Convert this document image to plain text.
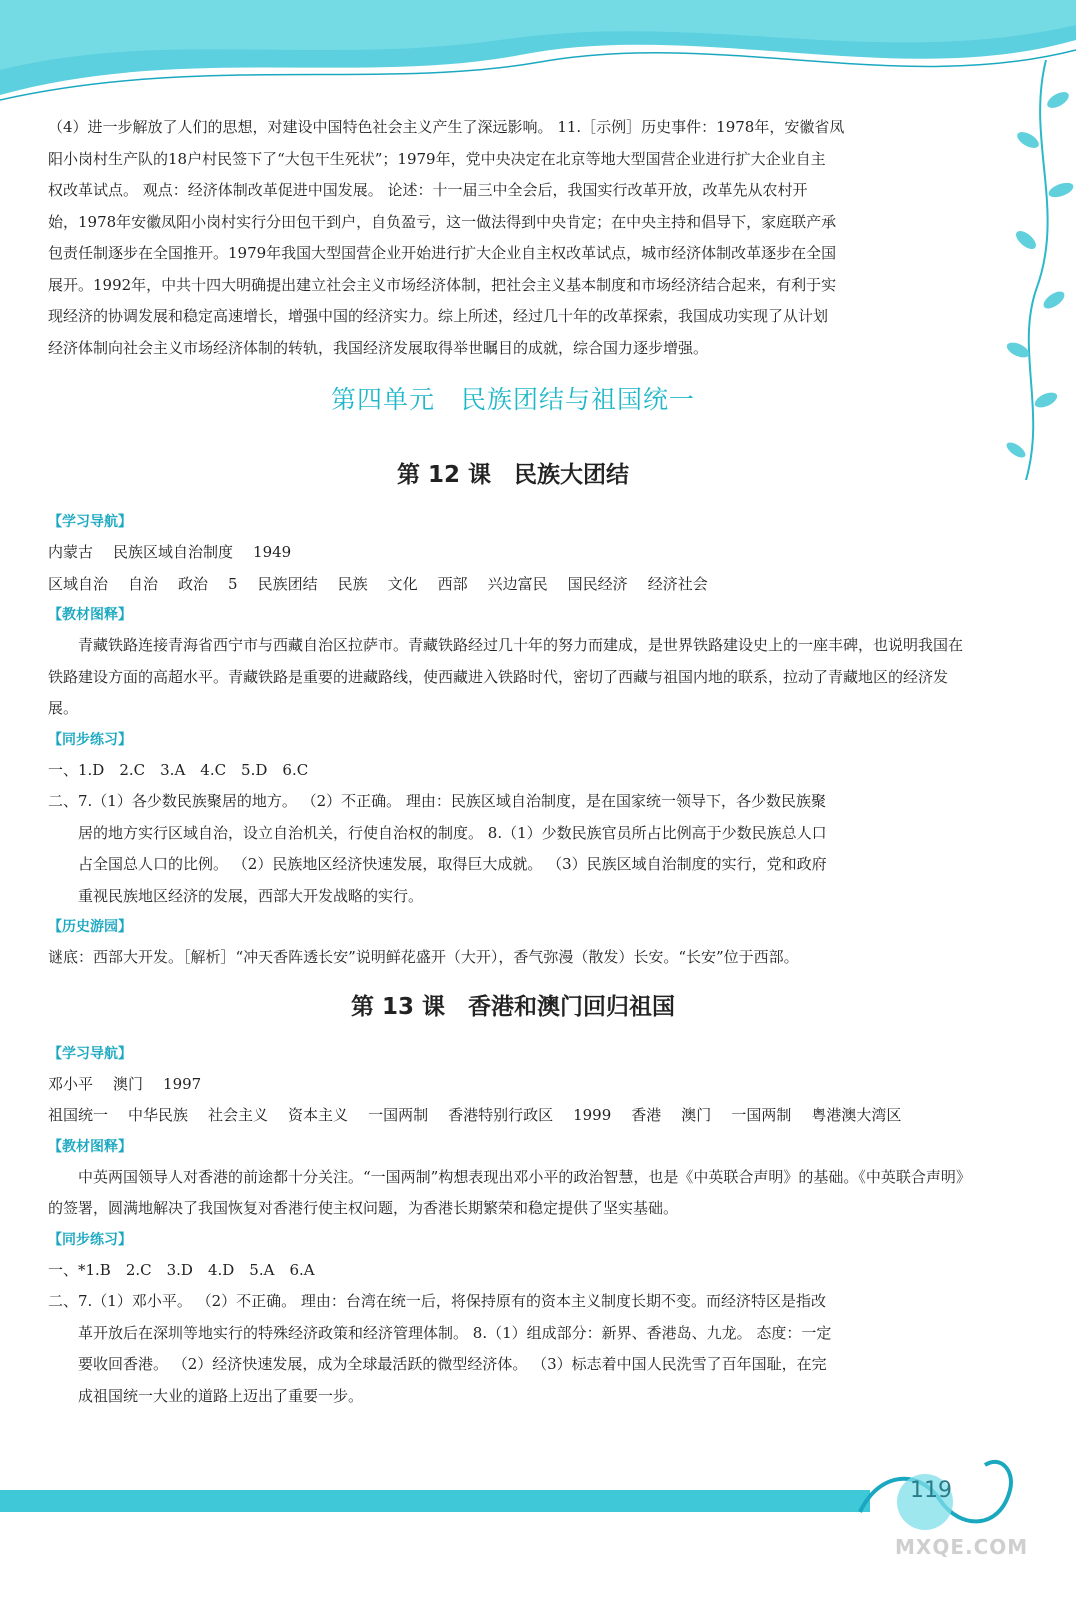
（4）进一步解放了人们的思想，对建设中国特色社会主义产生了深远影响。 11.［示例］历史事件：1978年，安徽省凤

阳小岗村生产队的18户村民签下了“大包干生死状”；1979年，党中央决定在北京等地大型国营企业进行扩大企业自主

权改革试点。 观点：经济体制改革促进中国发展。 论述：十一届三中全会后，我国实行改革开放，改革先从农村开

始，1978年安徽凤阳小岗村实行分田包干到户，自负盈亏，这一做法得到中央肯定；在中央主持和倡导下，家庭联产承

包责任制逐步在全国推开。1979年我国大型国营企业开始进行扩大企业自主权改革试点，城市经济体制改革逐步在全国

展开。1992年，中共十四大明确提出建立社会主义市场经济体制，把社会主义基本制度和市场经济结合起来，有利于实

现经济的协调发展和稳定高速增长，增强中国的经济实力。综上所述，经过几十年的改革探索，我国成功实现了从计划

经济体制向社会主义市场经济体制的转轨，我国经济发展取得举世瞩目的成就，综合国力逐步增强。

第四单元　民族团结与祖国统一
第 12 课　民族大团结

【学习导航】

内蒙古 民族区域自治制度 1949

区域自治 自治 政治 5 民族团结 民族 文化 西部 兴边富民 国民经济 经济社会

【教材图释】

青藏铁路连接青海省西宁市与西藏自治区拉萨市。青藏铁路经过几十年的努力而建成，是世界铁路建设史上的一座丰碑，也说明我国在铁路建设方面的高超水平。青藏铁路是重要的进藏路线，使西藏进入铁路时代，密切了西藏与祖国内地的联系，拉动了青藏地区的经济发展。

【同步练习】

一、1.D　2.C　3.A　4.C　5.D　6.C

二、7.（1）各少数民族聚居的地方。 （2）不正确。 理由：民族区域自治制度，是在国家统一领导下，各少数民族聚

居的地方实行区域自治，设立自治机关，行使自治权的制度。 8.（1）少数民族官员所占比例高于少数民族总人口

占全国总人口的比例。 （2）民族地区经济快速发展，取得巨大成就。 （3）民族区域自治制度的实行，党和政府

重视民族地区经济的发展，西部大开发战略的实行。

【历史游园】

谜底：西部大开发。［解析］“冲天香阵透长安”说明鲜花盛开（大开），香气弥漫（散发）长安。“长安”位于西部。

第 13 课　香港和澳门回归祖国

【学习导航】

邓小平 澳门 1997

祖国统一 中华民族 社会主义 资本主义 一国两制 香港特别行政区 1999 香港 澳门 一国两制 粤港澳大湾区

【教材图释】

中英两国领导人对香港的前途都十分关注。“一国两制”构想表现出邓小平的政治智慧，也是《中英联合声明》的基础。《中英联合声明》的签署，圆满地解决了我国恢复对香港行使主权问题，为香港长期繁荣和稳定提供了坚实基础。

【同步练习】

一、*1.B　2.C　3.D　4.D　5.A　6.A

二、7.（1）邓小平。 （2）不正确。 理由：台湾在统一后，将保持原有的资本主义制度长期不变。而经济特区是指改

革开放后在深圳等地实行的特殊经济政策和经济管理体制。 8.（1）组成部分：新界、香港岛、九龙。 态度：一定

要收回香港。 （2）经济快速发展，成为全球最活跃的微型经济体。 （3）标志着中国人民洗雪了百年国耻，在完

成祖国统一大业的道路上迈出了重要一步。

119
MXQE.COM
